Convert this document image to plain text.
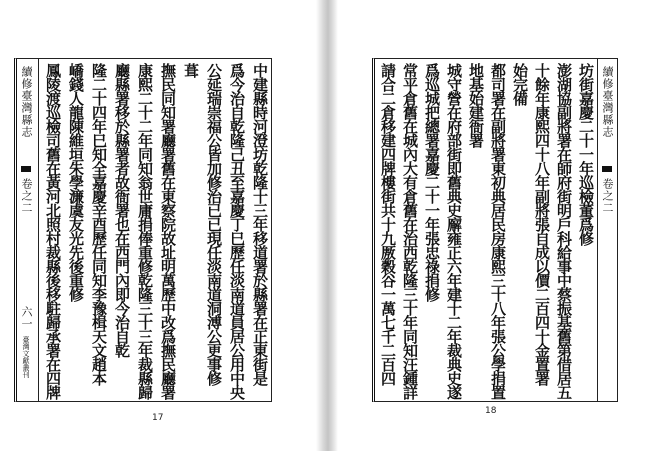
續修臺灣縣志
卷之二
六一
臺灣文獻叢刊	中建縣時河澄坊乾隆十三年移道署於縣署在正東街是
爲今治自乾隆己丑至嘉慶丁巳歷任淡南道員居公用中央
公延瑞崇福公皆加修治已已現任淡南道洞溥公更事修
葺
撫民同知署廳署舊在東察院故址明萬歷中改爲撫民廳署
康熙二十二年同知翁世庸捐俸重修乾隆三十三年裁縣歸
廳縣署移於縣署者故衙署也在西門內即今治自乾
隆二十四年巳知全嘉慶辛酉歷任同知李豫楫天文趙本
嶠錢人龍陳維垣朱學濂虞友光先後重修
鳳陵渡巡檢司舊在黃河北照村裁縣後移駐歸承署在四牌
17
續修臺灣縣志
卷之二
坊街嘉慶二十一年巡檢董爲修
澎湖協副將署在師府街明戶科給事中蔡振基舊第借居五
十餘年康熙四十八年副將張自成以價二百四十金置署
始完備
都司署在副將署東初典居民房康熙三十八年張公學捐置
地基始建衙署
城守營在府部街即舊典史廨雍正六年建十二年裁典史遂
爲巡城把總署嘉慶二十一年張忠祿捐修
常平倉舊在城內大有倉舊在治西乾隆三十年同知汪鍾詳
請合二倉移建四牌樓街共十九厫穀谷一萬七千二百四
18
